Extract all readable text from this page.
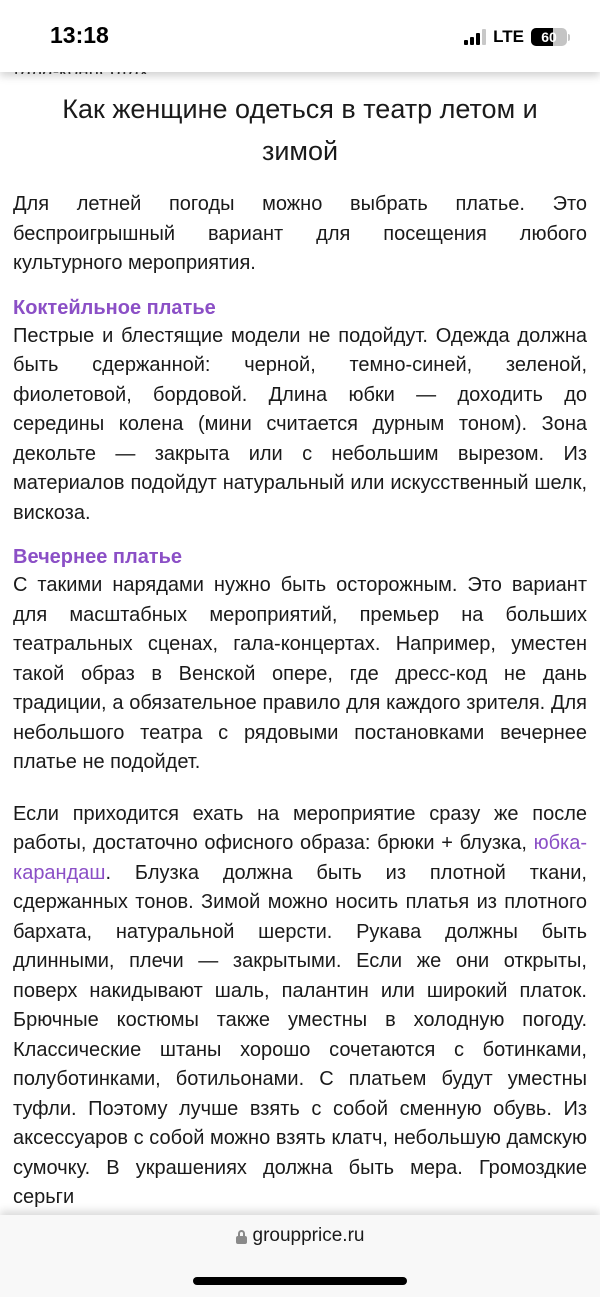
13:18	LTE	60
Как женщине одеться в театр летом и зимой

Для летней погоды можно выбрать платье. Это беспроигрышный вариант для посещения любого культурного мероприятия.

Коктейльное платье

Пестрые и блестящие модели не подойдут. Одежда должна быть сдержанной: черной, темно-синей, зеленой, фиолетовой, бордовой. Длина юбки — доходить до середины колена (мини считается дурным тоном). Зона декольте — закрыта или с небольшим вырезом. Из материалов подойдут натуральный или искусственный шелк, вискоза.

Вечернее платье

С такими нарядами нужно быть осторожным. Это вариант для масштабных мероприятий, премьер на больших театральных сценах, гала-концертах. Например, уместен такой образ в Венской опере, где дресс-код не дань традиции, а обязательное правило для каждого зрителя. Для небольшого театра с рядовыми постановками вечернее платье не подойдет.

Если приходится ехать на мероприятие сразу же после работы, достаточно офисного образа: брюки + блузка, юбка-карандаш. Блузка должна быть из плотной ткани, сдержанных тонов. Зимой можно носить платья из плотного бархата, натуральной шерсти. Рукава должны быть длинными, плечи — закрытыми. Если же они открыты, поверх накидывают шаль, палантин или широкий платок. Брючные костюмы также уместны в холодную погоду. Классические штаны хорошо сочетаются с ботинками, полуботинками, ботильонами. С платьем будут уместны туфли. Поэтому лучше взять с собой сменную обувь. Из аксессуаров с собой можно взять клатч, небольшую дамскую сумочку. В украшениях должна быть мера. Громоздкие серьги

groupprice.ru
